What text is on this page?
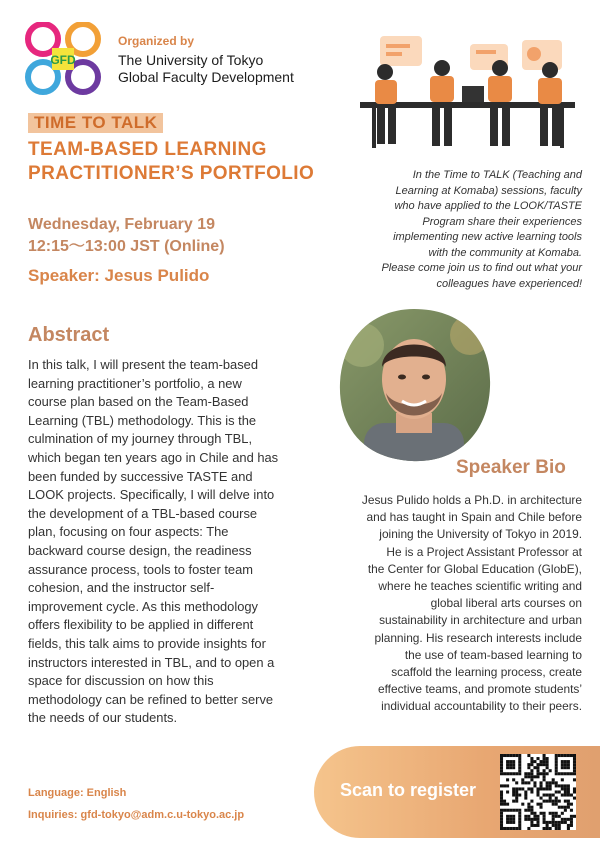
GFD
Organized by
The University of Tokyo
Global Faculty Development
TIME TO TALK
TEAM-BASED LEARNING
PRACTITIONER’S PORTFOLIO
Wednesday, February 19
12:15～13:00 JST (Online)
Speaker: Jesus Pulido
In the Time to TALK (Teaching and
Learning at Komaba) sessions, faculty
who have applied to the LOOK/TASTE
Program share their experiences
implementing new active learning tools
with the community at Komaba.
Please come join us to find out what your
colleagues have experienced!
Abstract
In this talk, I will present the team-based
learning practitioner’s portfolio, a new
course plan based on the Team-Based
Learning (TBL) methodology. This is the
culmination of my journey through TBL,
which began ten years ago in Chile and has
been funded by successive TASTE and
LOOK projects. Specifically, I will delve into
the development of a TBL-based course
plan, focusing on four aspects: The
backward course design, the readiness
assurance process, tools to foster team
cohesion, and the instructor self-
improvement cycle. As this methodology
offers flexibility to be applied in different
fields, this talk aims to provide insights for
instructors interested in TBL, and to open a
space for discussion on how this
methodology can be refined to better serve
the needs of our students.
Speaker Bio
Jesus Pulido holds a Ph.D. in architecture
and has taught in Spain and Chile before
joining the University of Tokyo in 2019.
He is a Project Assistant Professor at
the Center for Global Education (GlobE),
where he teaches scientific writing and
global liberal arts courses on
sustainability in architecture and urban
planning. His research interests include
the use of team-based learning to
scaffold the learning process, create
effective teams, and promote students’
individual accountability to their peers.
Language: English
Inquiries: gfd-tokyo@adm.c.u-tokyo.ac.jp
Scan to register
